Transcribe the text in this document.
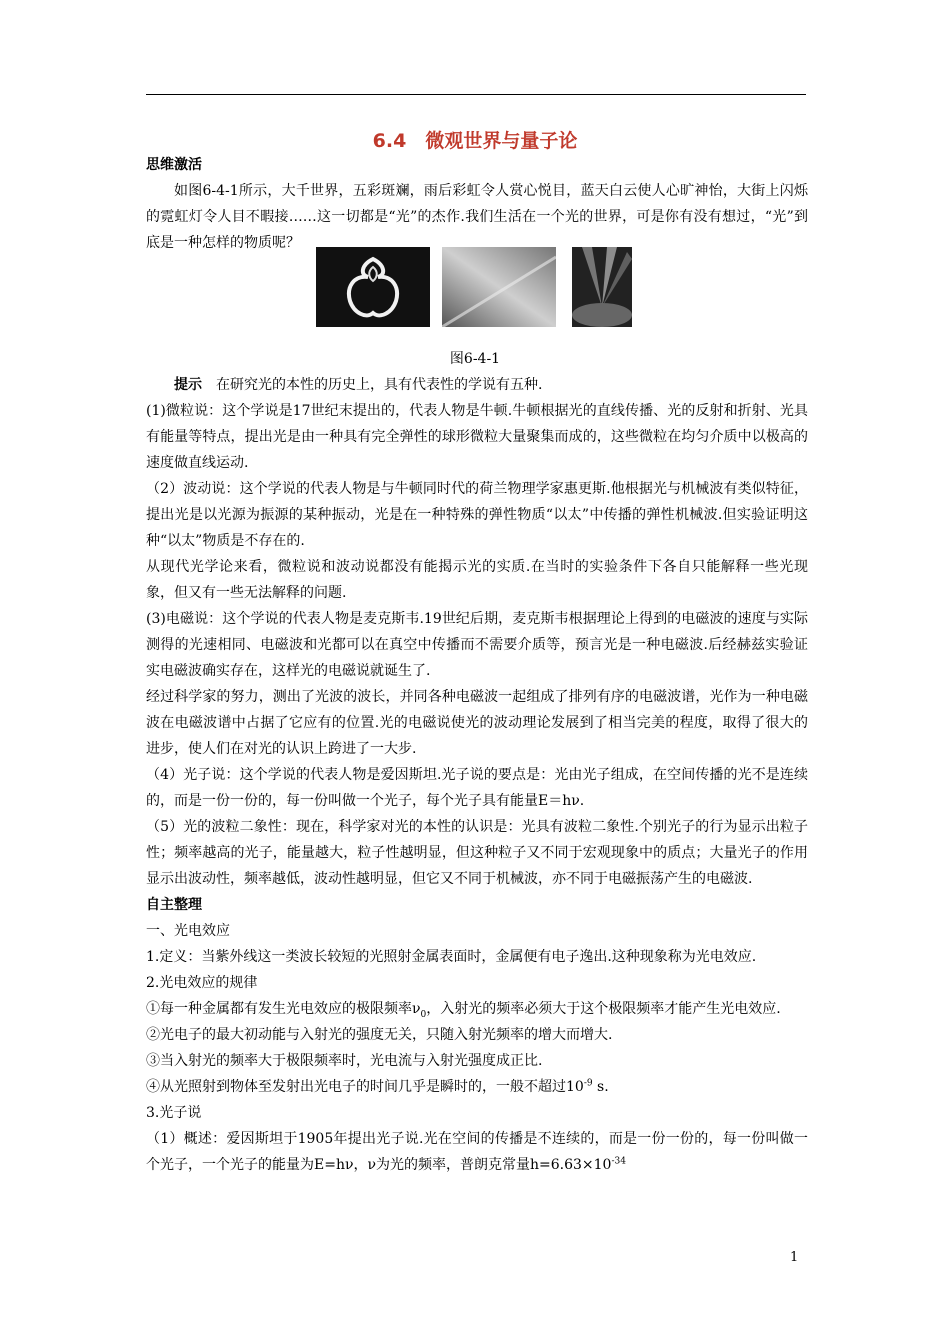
6.4　微观世界与量子论

思维激活

如图6-4-1所示，大千世界，五彩斑斓，雨后彩虹令人赏心悦目，蓝天白云使人心旷神怡，大街上闪烁的霓虹灯令人目不暇接……这一切都是“光”的杰作.我们生活在一个光的世界，可是你有没有想过，“光”到底是一种怎样的物质呢？

图6-4-1

提示　 在研究光的本性的历史上，具有代表性的学说有五种.

(1)微粒说：这个学说是17世纪末提出的，代表人物是牛顿.牛顿根据光的直线传播、光的反射和折射、光具有能量等特点，提出光是由一种具有完全弹性的球形微粒大量聚集而成的，这些微粒在均匀介质中以极高的速度做直线运动.

（2）波动说：这个学说的代表人物是与牛顿同时代的荷兰物理学家惠更斯.他根据光与机械波有类似特征，提出光是以光源为振源的某种振动，光是在一种特殊的弹性物质“以太”中传播的弹性机械波.但实验证明这种“以太”物质是不存在的.

从现代光学论来看，微粒说和波动说都没有能揭示光的实质.在当时的实验条件下各自只能解释一些光现象，但又有一些无法解释的问题.

(3)电磁说：这个学说的代表人物是麦克斯韦.19世纪后期，麦克斯韦根据理论上得到的电磁波的速度与实际测得的光速相同、电磁波和光都可以在真空中传播而不需要介质等，预言光是一种电磁波.后经赫兹实验证实电磁波确实存在，这样光的电磁说就诞生了.

经过科学家的努力，测出了光波的波长，并同各种电磁波一起组成了排列有序的电磁波谱，光作为一种电磁波在电磁波谱中占据了它应有的位置.光的电磁说使光的波动理论发展到了相当完美的程度，取得了很大的进步，使人们在对光的认识上跨进了一大步.

（4）光子说：这个学说的代表人物是爱因斯坦.光子说的要点是：光由光子组成，在空间传播的光不是连续的，而是一份一份的，每一份叫做一个光子，每个光子具有能量E＝hν.

（5）光的波粒二象性：现在，科学家对光的本性的认识是：光具有波粒二象性.个别光子的行为显示出粒子性；频率越高的光子，能量越大，粒子性越明显，但这种粒子又不同于宏观现象中的质点；大量光子的作用显示出波动性，频率越低，波动性越明显，但它又不同于机械波，亦不同于电磁振荡产生的电磁波.

自主整理

一、光电效应

1.定义：当紫外线这一类波长较短的光照射金属表面时，金属便有电子逸出.这种现象称为光电效应.

2.光电效应的规律

①每一种金属都有发生光电效应的极限频率$\nu_0$，入射光的频率必须大于这个极限频率才能产生光电效应.

②光电子的最大初动能与入射光的强度无关，只随入射光频率的增大而增大.

③当入射光的频率大于极限频率时，光电流与入射光强度成正比.

④从光照射到物体至发射出光电子的时间几乎是瞬时的，一般不超过$10^{-9}$ s.

3.光子说

（1）概述：爱因斯坦于1905年提出光子说.光在空间的传播是不连续的，而是一份一份的，每一份叫做一个光子，一个光子的能量为E=hν，ν为光的频率，普朗克常量$h=6.63\times 10^{-34}$

1
